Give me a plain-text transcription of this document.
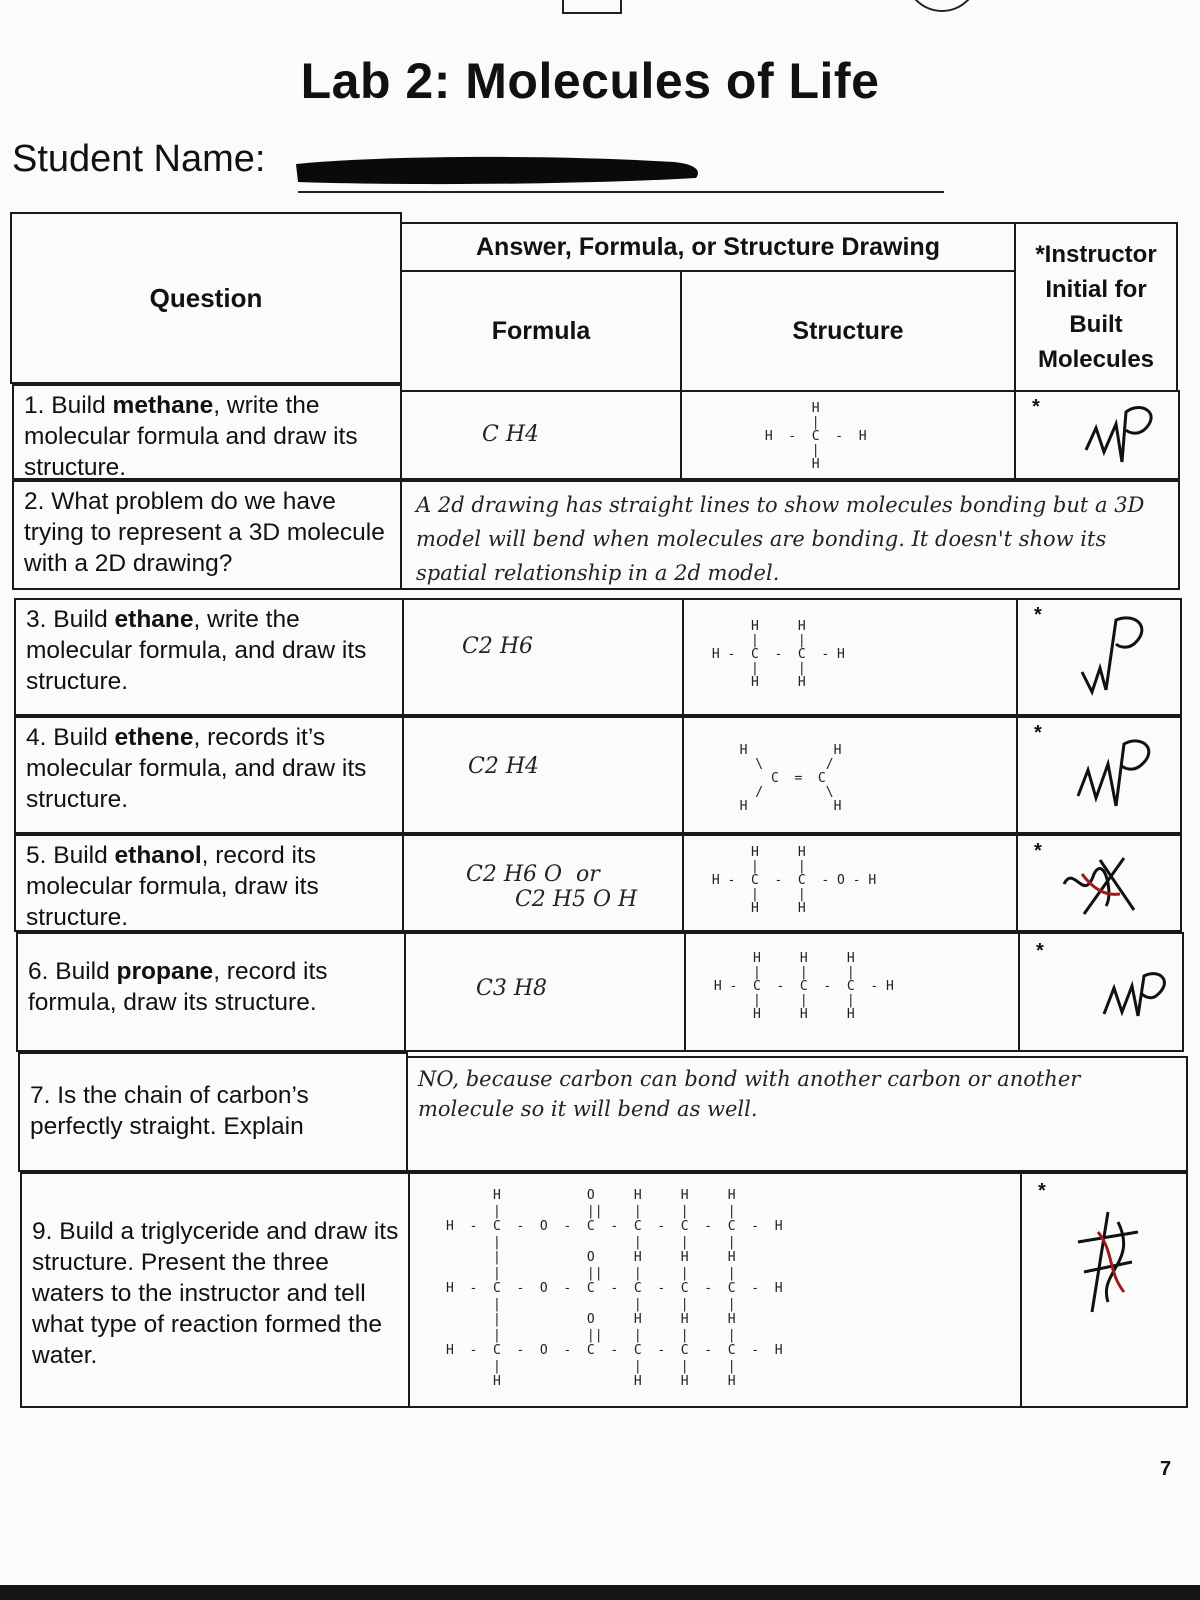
Lab 2: Molecules of Life
Student Name:
Question
Answer, Formula, or Structure Drawing
Formula	Structure
*Instructor Initial for Built Molecules
1. Build methane, write the molecular formula and draw its structure.
C H4
H
|
H  -  C  -  H
|
H
*
2. What problem do we have trying to represent a 3D molecule with a 2D drawing?
A 2d drawing has straight lines to show molecules bonding but a 3D model will bend when molecules are bonding. It doesn't show its spatial relationship in a 2d model.
3. Build ethane, write the molecular formula, and draw its structure.
C2 H6
H     H
|     |
H -  C  -  C  - H
|     |
H     H
*
4. Build ethene, records it’s molecular formula, and draw its structure.
C2 H4
H           H
\        /
C  =  C
/        \
H           H
*
5. Build ethanol, record its molecular formula, draw its structure.
C2 H6 O  or
C2 H5 O H
H     H
|     |
H -  C  -  C  - O - H
|     |
H     H
*
6. Build propane, record its formula, draw its structure.
C3 H8
H     H     H
|     |     |
H -  C  -  C  -  C  - H
|     |     |
H     H     H
*
7. Is the chain of carbon’s perfectly straight. Explain
NO, because carbon can bond with another carbon or another molecule so it will bend as well.
9. Build a triglyceride and draw its structure. Present the three waters to the instructor and tell what type of reaction formed the water.
H           O     H     H     H
|           ||    |     |     |
H  -  C  -  O  -  C  -  C  -  C  -  C  -  H
|                 |     |     |
|           O     H     H     H
|           ||    |     |     |
H  -  C  -  O  -  C  -  C  -  C  -  C  -  H
|                 |     |     |
|           O     H     H     H
|           ||    |     |     |
H  -  C  -  O  -  C  -  C  -  C  -  C  -  H
|                 |     |     |
H                 H     H     H
*
7
